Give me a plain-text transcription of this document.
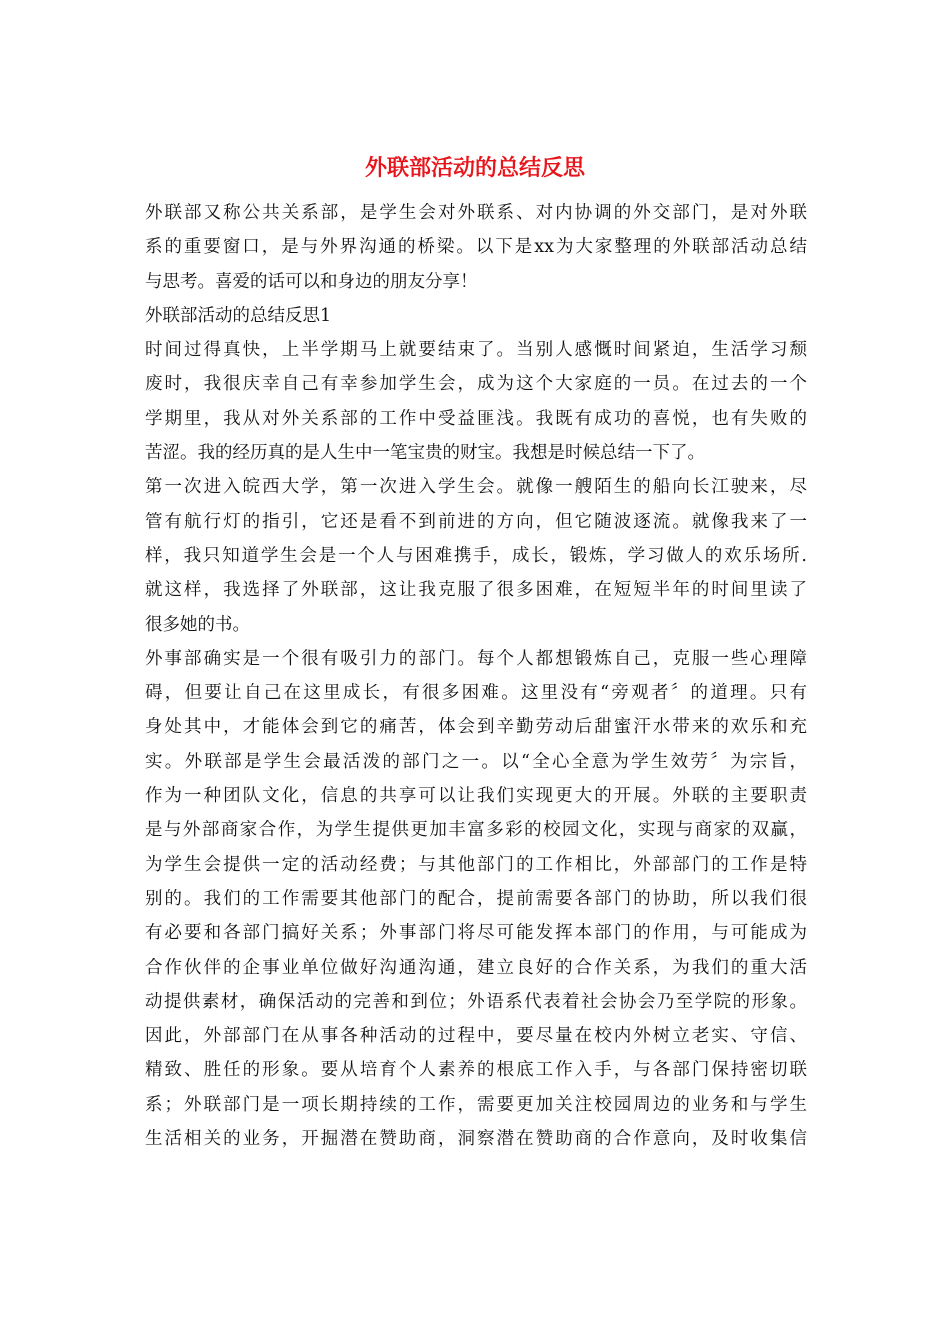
外联部活动的总结反思
外联部又称公共关系部，是学生会对外联系、对内协调的外交部门，是对外联
系的重要窗口，是与外界沟通的桥梁。以下是xx为大家整理的外联部活动总结
与思考。喜爱的话可以和身边的朋友分享！
外联部活动的总结反思1
时间过得真快，上半学期马上就要结束了。当别人感慨时间紧迫，生活学习颓
废时，我很庆幸自己有幸参加学生会，成为这个大家庭的一员。在过去的一个
学期里，我从对外关系部的工作中受益匪浅。我既有成功的喜悦，也有失败的
苦涩。我的经历真的是人生中一笔宝贵的财宝。我想是时候总结一下了。
第一次进入皖西大学，第一次进入学生会。就像一艘陌生的船向长江驶来，尽
管有航行灯的指引，它还是看不到前进的方向，但它随波逐流。就像我来了一
样，我只知道学生会是一个人与困难携手，成长，锻炼，学习做人的欢乐场所.
就这样，我选择了外联部，这让我克服了很多困难，在短短半年的时间里读了
很多她的书。
外事部确实是一个很有吸引力的部门。每个人都想锻炼自己，克服一些心理障
碍，但要让自己在这里成长，有很多困难。这里没有“旁观者〞的道理。只有
身处其中，才能体会到它的痛苦，体会到辛勤劳动后甜蜜汗水带来的欢乐和充
实。外联部是学生会最活泼的部门之一。以“全心全意为学生效劳〞为宗旨，
作为一种团队文化，信息的共享可以让我们实现更大的开展。外联的主要职责
是与外部商家合作，为学生提供更加丰富多彩的校园文化，实现与商家的双赢，
为学生会提供一定的活动经费；与其他部门的工作相比，外部部门的工作是特
别的。我们的工作需要其他部门的配合，提前需要各部门的协助，所以我们很
有必要和各部门搞好关系；外事部门将尽可能发挥本部门的作用，与可能成为
合作伙伴的企事业单位做好沟通沟通，建立良好的合作关系，为我们的重大活
动提供素材，确保活动的完善和到位；外语系代表着社会协会乃至学院的形象。
因此，外部部门在从事各种活动的过程中，要尽量在校内外树立老实、守信、
精致、胜任的形象。要从培育个人素养的根底工作入手，与各部门保持密切联
系；外联部门是一项长期持续的工作，需要更加关注校园周边的业务和与学生
生活相关的业务，开掘潜在赞助商，洞察潜在赞助商的合作意向，及时收集信
